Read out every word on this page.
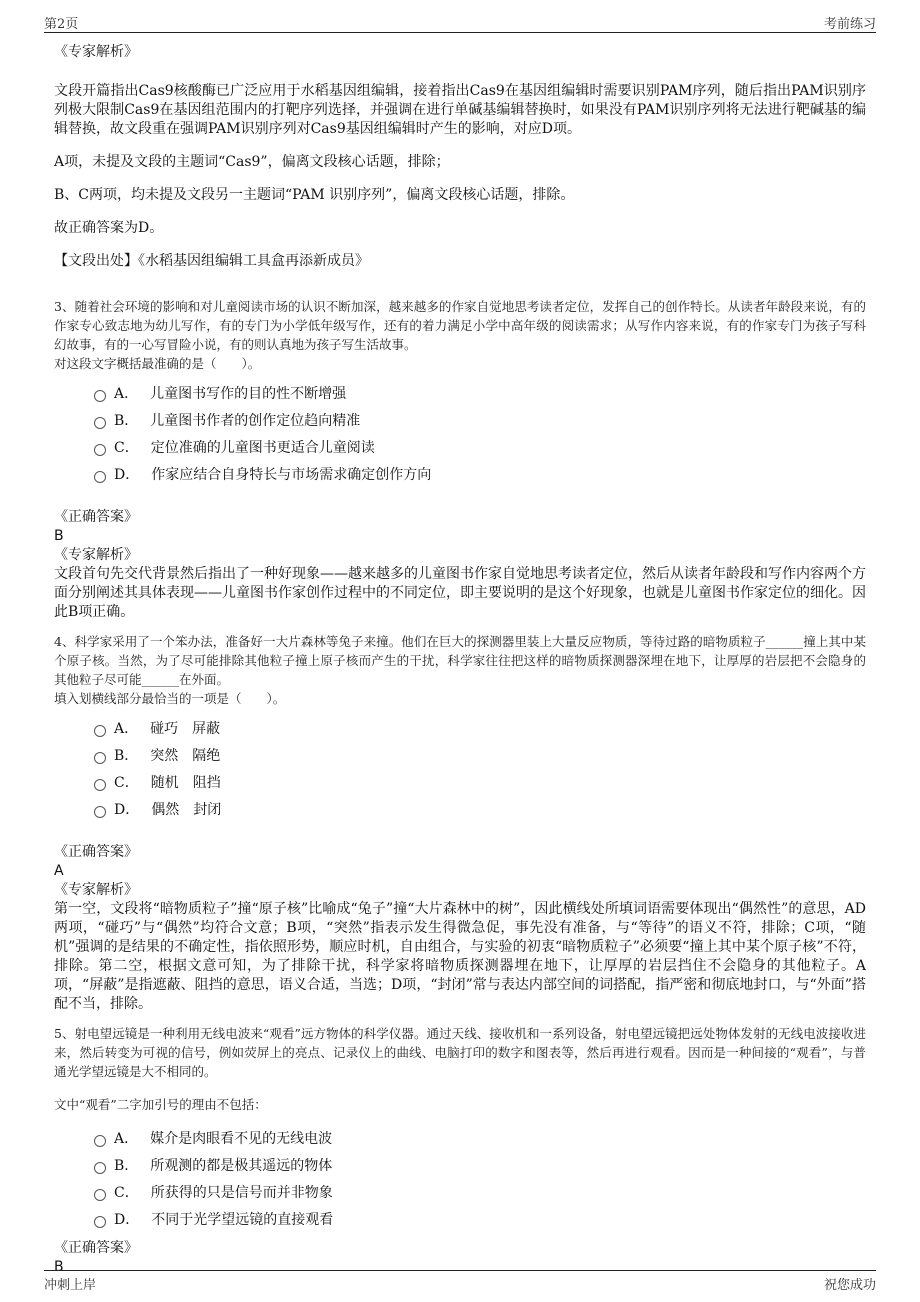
第2页	考前练习
《专家解析》

文段开篇指出Cas9核酸酶已广泛应用于水稻基因组编辑，接着指出Cas9在基因组编辑时需要识别PAM序列，随后指出PAM识别序列极大限制Cas9在基因组范围内的打靶序列选择，并强调在进行单碱基编辑替换时，如果没有PAM识别序列将无法进行靶碱基的编辑替换，故文段重在强调PAM识别序列对Cas9基因组编辑时产生的影响，对应D项。

A项，未提及文段的主题词“Cas9”，偏离文段核心话题，排除；

B、C两项，均未提及文段另一主题词“PAM 识别序列”，偏离文段核心话题，排除。

故正确答案为D。

【文段出处】《水稻基因组编辑工具盒再添新成员》

3、随着社会环境的影响和对儿童阅读市场的认识不断加深，越来越多的作家自觉地思考读者定位，发挥自己的创作特长。从读者年龄段来说，有的作家专心致志地为幼儿写作，有的专门为小学低年级写作，还有的着力满足小学中高年级的阅读需求；从写作内容来说，有的作家专门为孩子写科幻故事，有的一心写冒险小说，有的则认真地为孩子写生活故事。

对这段文字概括最准确的是（　　）。

A． 儿童图书写作的目的性不断增强
B． 儿童图书作者的创作定位趋向精准
C． 定位准确的儿童图书更适合儿童阅读
D． 作家应结合自身特长与市场需求确定创作方向
《正确答案》
B
《专家解析》

文段首句先交代背景然后指出了一种好现象——越来越多的儿童图书作家自觉地思考读者定位，然后从读者年龄段和写作内容两个方面分别阐述其具体表现——儿童图书作家创作过程中的不同定位，即主要说明的是这个好现象，也就是儿童图书作家定位的细化。因此B项正确。

4、科学家采用了一个笨办法，准备好一大片森林等兔子来撞。他们在巨大的探测器里装上大量反应物质，等待过路的暗物质粒子______撞上其中某个原子核。当然，为了尽可能排除其他粒子撞上原子核而产生的干扰，科学家往往把这样的暗物质探测器深埋在地下，让厚厚的岩层把不会隐身的其他粒子尽可能______在外面。

填入划横线部分最恰当的一项是（　　）。

A． 碰巧　屏蔽
B． 突然　隔绝
C． 随机　阻挡
D． 偶然　封闭
《正确答案》
A
《专家解析》

第一空，文段将“暗物质粒子”撞“原子核”比喻成“兔子”撞“大片森林中的树”，因此横线处所填词语需要体现出“偶然性”的意思，AD两项，“碰巧”与“偶然”均符合文意；B项，“突然”指表示发生得微急促，事先没有准备，与“等待”的语义不符，排除；C项，“随机”强调的是结果的不确定性，指依照形势，顺应时机，自由组合，与实验的初衷“暗物质粒子”必须要“撞上其中某个原子核”不符，排除。第二空，根据文意可知，为了排除干扰，科学家将暗物质探测器埋在地下，让厚厚的岩层挡住不会隐身的其他粒子。A项，“屏蔽”是指遮蔽、阻挡的意思，语义合适，当选；D项，“封闭”常与表达内部空间的词搭配，指严密和彻底地封口，与“外面”搭配不当，排除。

5、射电望远镜是一种利用无线电波来“观看”远方物体的科学仪器。通过天线、接收机和一系列设备，射电望远镜把远处物体发射的无线电波接收进来，然后转变为可视的信号，例如荧屏上的亮点、记录仪上的曲线、电脑打印的数字和图表等，然后再进行观看。因而是一种间接的“观看”，与普通光学望远镜是大不相同的。

文中“观看”二字加引号的理由不包括：

A． 媒介是肉眼看不见的无线电波
B． 所观测的都是极其遥远的物体
C． 所获得的只是信号而并非物象
D． 不同于光学望远镜的直接观看
《正确答案》
B
冲刺上岸	祝您成功
